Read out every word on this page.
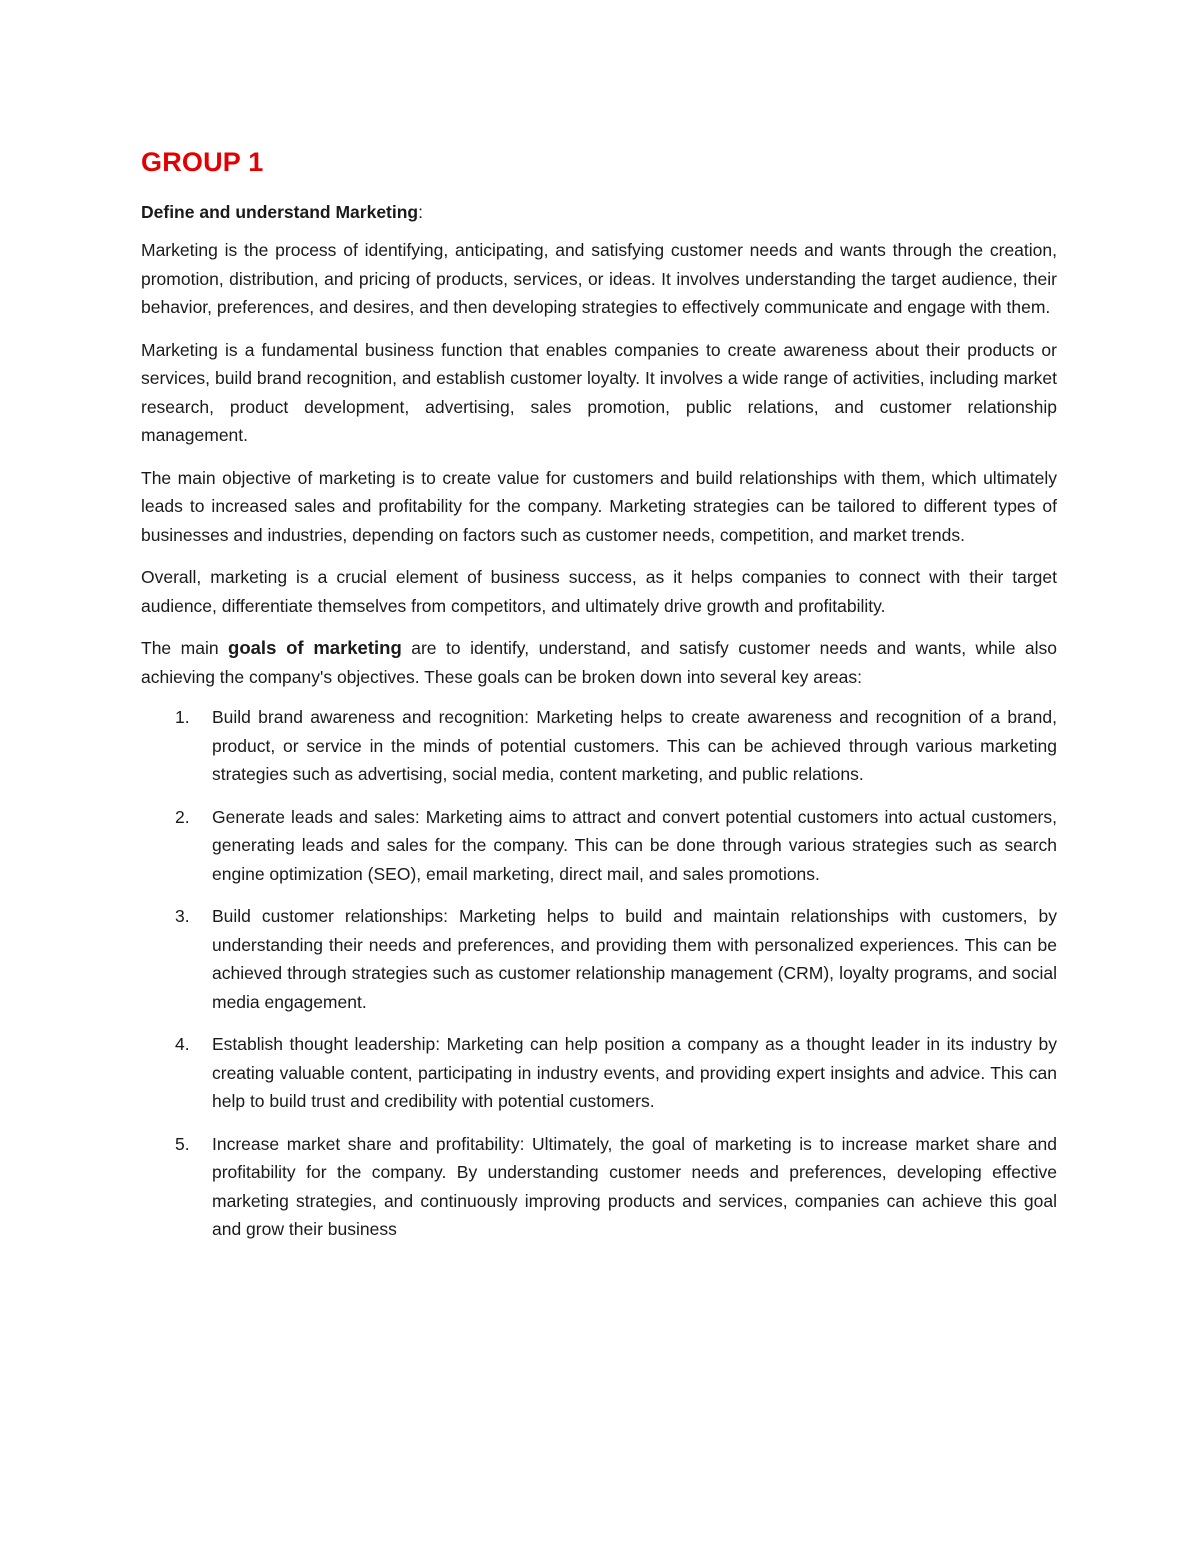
GROUP 1
Define and understand Marketing:

Marketing is the process of identifying, anticipating, and satisfying customer needs and wants through the creation, promotion, distribution, and pricing of products, services, or ideas. It involves understanding the target audience, their behavior, preferences, and desires, and then developing strategies to effectively communicate and engage with them.

Marketing is a fundamental business function that enables companies to create awareness about their products or services, build brand recognition, and establish customer loyalty. It involves a wide range of activities, including market research, product development, advertising, sales promotion, public relations, and customer relationship management.

The main objective of marketing is to create value for customers and build relationships with them, which ultimately leads to increased sales and profitability for the company. Marketing strategies can be tailored to different types of businesses and industries, depending on factors such as customer needs, competition, and market trends.

Overall, marketing is a crucial element of business success, as it helps companies to connect with their target audience, differentiate themselves from competitors, and ultimately drive growth and profitability.

The main goals of marketing are to identify, understand, and satisfy customer needs and wants, while also achieving the company's objectives. These goals can be broken down into several key areas:

1. Build brand awareness and recognition: Marketing helps to create awareness and recognition of a brand, product, or service in the minds of potential customers. This can be achieved through various marketing strategies such as advertising, social media, content marketing, and public relations.
2. Generate leads and sales: Marketing aims to attract and convert potential customers into actual customers, generating leads and sales for the company. This can be done through various strategies such as search engine optimization (SEO), email marketing, direct mail, and sales promotions.
3. Build customer relationships: Marketing helps to build and maintain relationships with customers, by understanding their needs and preferences, and providing them with personalized experiences. This can be achieved through strategies such as customer relationship management (CRM), loyalty programs, and social media engagement.
4. Establish thought leadership: Marketing can help position a company as a thought leader in its industry by creating valuable content, participating in industry events, and providing expert insights and advice. This can help to build trust and credibility with potential customers.
5. Increase market share and profitability: Ultimately, the goal of marketing is to increase market share and profitability for the company. By understanding customer needs and preferences, developing effective marketing strategies, and continuously improving products and services, companies can achieve this goal and grow their business
